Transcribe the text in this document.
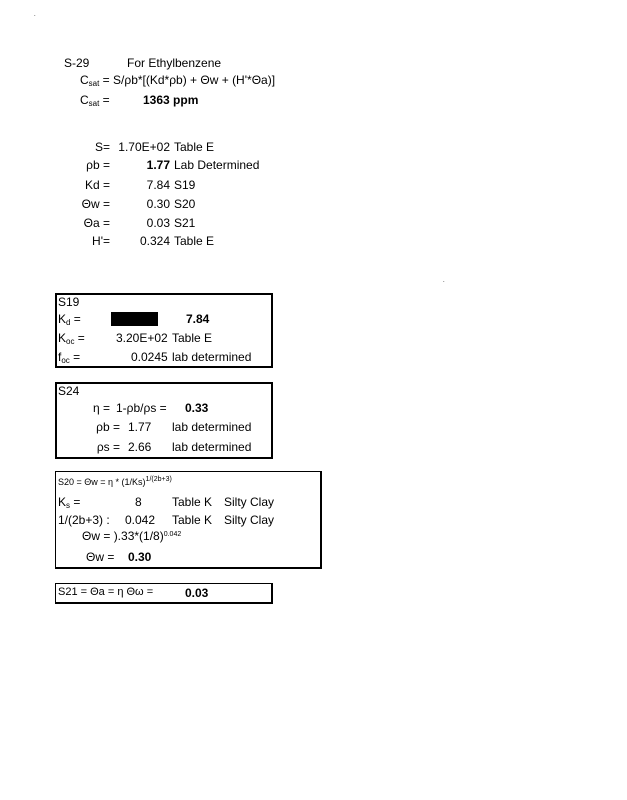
.
S-29	For Ethylbenzene
$C_{sat} = S/\rho b*[(Kd*\rho b) + \Theta w + (H'*\Theta a)]$
$C_{sat}$ =	1363 ppm
S= 1.70E+02 Table E
ρb =	1.77 Lab Determined
Kd =	7.84 S19
Θw =	0.30 S20
Θa =	0.03 S21
H'=	0.324 Table E
.
S19
$K_d$ =	7.84
$K_{oc}$ =	3.20E+02 Table E
$f_{oc}$ =	0.0245 lab determined
S24
η = 1-ρb/ρs = 0.33
ρb = 1.77 lab determined
ρs = 2.66 lab determined
$S20 = \Theta w = \eta * (1/Ks)^{1/(2b+3)}$
$K_s$ =	8	Table K Silty Clay
1/(2b+3) : 0.042 Table K Silty Clay
$\Theta w = ).33*(1/8)^{0.042}$
Θw = 0.30
S21 = Θa = η Θω =	0.03
